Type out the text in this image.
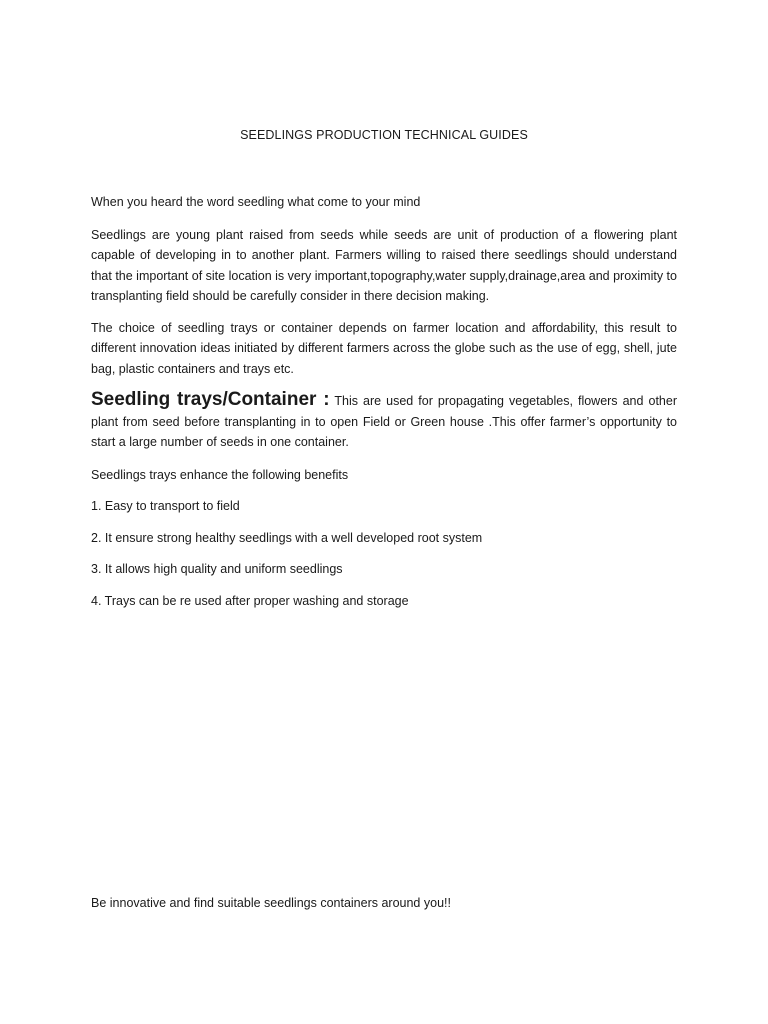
SEEDLINGS PRODUCTION TECHNICAL GUIDES

When you heard the word seedling what come to your mind

Seedlings are young plant raised from seeds while seeds are unit of production of a flowering plant capable of developing in to another plant. Farmers willing to raised there seedlings should understand that the important of site location is very important,topography,water supply,drainage,area and proximity to transplanting field should be carefully consider in there decision making.

The choice of seedling trays or container depends on farmer location and affordability, this result to different innovation ideas initiated by different farmers across the globe such as the use of egg, shell, jute bag, plastic containers and trays etc.

Seedling trays/Container : This are used for propagating vegetables, flowers and other plant from seed before transplanting in to open Field or Green house .This offer farmer’s opportunity to start a large number of seeds in one container.

Seedlings trays enhance the following benefits

1. Easy to transport to field

2. It ensure strong healthy seedlings with a well developed root system

3. It allows high quality and uniform seedlings

4. Trays can be re used after proper washing and storage

Be innovative and find suitable seedlings containers around you!!
